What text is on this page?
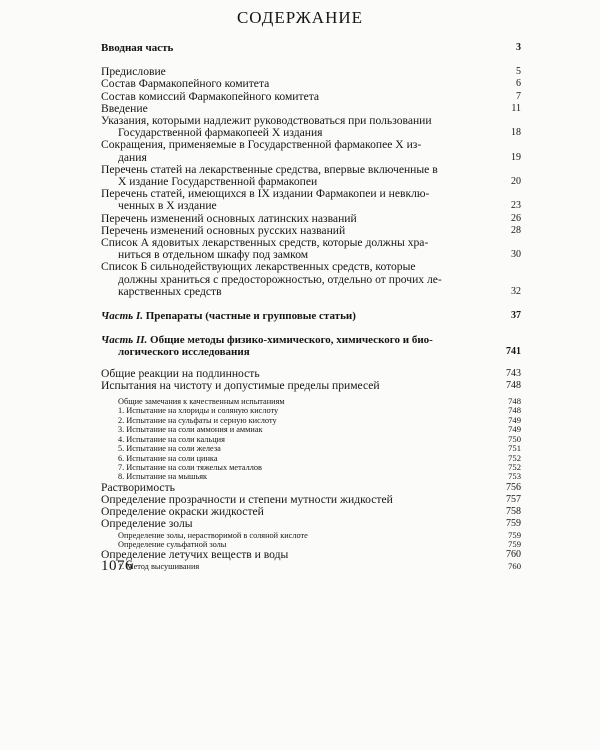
СОДЕРЖАНИЕ
Вводная часть	3
Предисловие	5
Состав Фармакопейного комитета	6
Состав комиссий Фармакопейного комитета	7
Введение	11
Указания, которыми надлежит руководствоваться при пользовании
Государственной фармакопеей X издания	18
Сокращения, применяемые в Государственной фармакопее X из-
дания	19
Перечень статей на лекарственные средства, впервые включенные в
X издание Государственной фармакопеи	20
Перечень статей, имеющихся в IX издании Фармакопеи и невклю-
ченных в X издание	23
Перечень изменений основных латинских названий	26
Перечень изменений основных русских названий	28
Список А ядовитых лекарственных средств, которые должны хра-
ниться в отдельном шкафу под замком	30
Список Б сильнодействующих лекарственных средств, которые
должны храниться с предосторожностью, отдельно от прочих ле-
карственных средств	32
Часть I. Препараты (частные и групповые статьи)	37
Часть II. Общие методы физико-химического, химического и био-
логического исследования	741
Общие реакции на подлинность	743
Испытания на чистоту и допустимые пределы примесей	748
Общие замечания к качественным испытаниям	748
1. Испытание на хлориды и соляную кислоту	748
2. Испытание на сульфаты и серную кислоту	749
3. Испытание на соли аммония и аммиак	749
4. Испытание на соли кальция	750
5. Испытание на соли железа	751
6. Испытание на соли цинка	752
7. Испытание на соли тяжелых металлов	752
8. Испытание на мышьяк	753
Растворимость	756
Определение прозрачности и степени мутности жидкостей	757
Определение окраски жидкостей	758
Определение золы	759
Определение золы, нерастворимой в соляной кислоте	759
Определение сульфатной золы	759
Определение летучих веществ и воды	760
1. Метод высушивания	760
1076
